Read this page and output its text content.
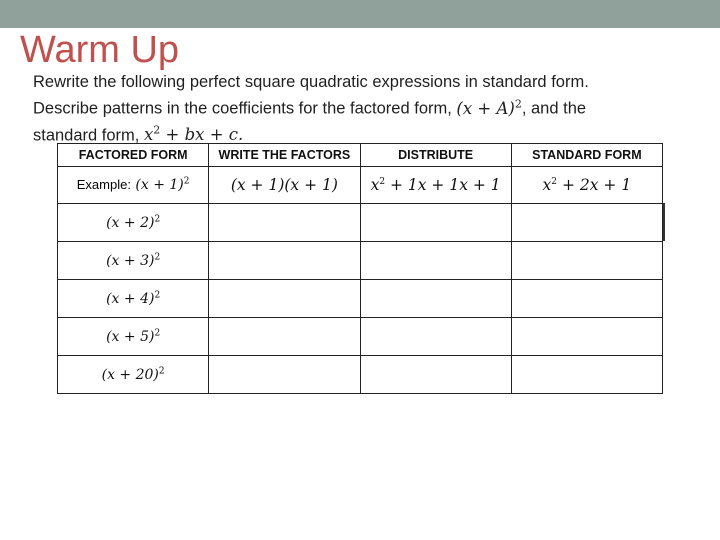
Warm Up
Rewrite the following perfect square quadratic expressions in standard form.
Describe patterns in the coefficients for the factored form, $(x + A)^2$, and the
standard form, $x^2$ + bx + c.
FACTORED FORM	WRITE THE FACTORS	DISTRIBUTE	STANDARD FORM
Example: $(x + 1)^2$	(x + 1)(x + 1)	$x^2 + 1x + 1x + 1$	$x^2 + 2x + 1$
$(x + 2)^2$			
$(x + 3)^2$			
$(x + 4)^2$			
$(x + 5)^2$			
$(x + 20)^2$			
